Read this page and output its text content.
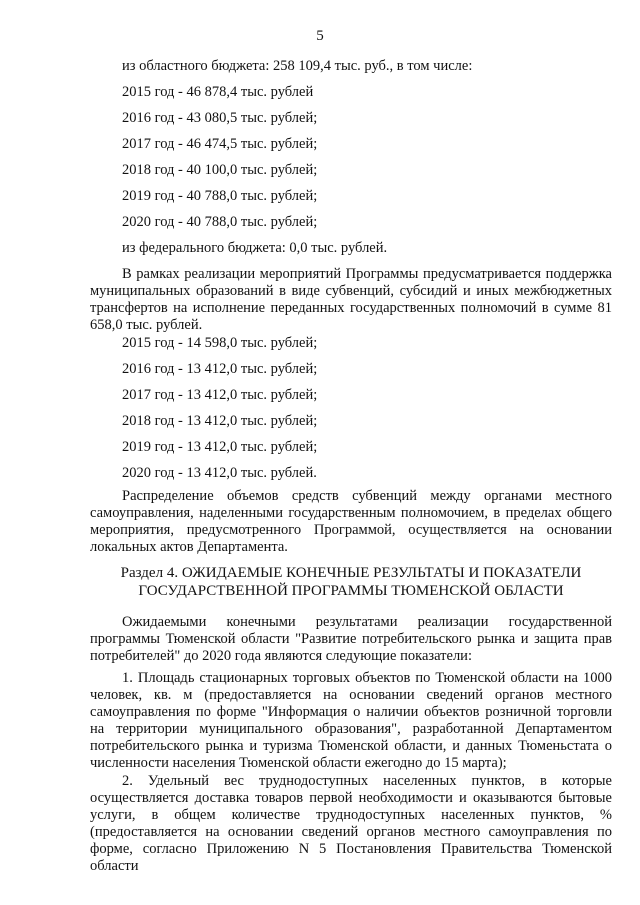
5
из областного бюджета: 258 109,4 тыс. руб., в том числе:
2015 год - 46 878,4 тыс. рублей
2016 год - 43 080,5 тыс. рублей;
2017 год - 46 474,5 тыс. рублей;
2018 год - 40 100,0 тыс. рублей;
2019 год - 40 788,0 тыс. рублей;
2020 год - 40 788,0 тыс. рублей;
из федерального бюджета: 0,0 тыс. рублей.

В рамках реализации мероприятий Программы предусматривается поддержка муниципальных образований в виде субвенций, субсидий и иных межбюджетных трансфертов на исполнение переданных государственных полномочий в сумме 81 658,0 тыс. рублей.

2015 год - 14 598,0 тыс. рублей;
2016 год - 13 412,0 тыс. рублей;
2017 год - 13 412,0 тыс. рублей;
2018 год - 13 412,0 тыс. рублей;
2019 год - 13 412,0 тыс. рублей;
2020 год - 13 412,0 тыс. рублей.

Распределение объемов средств субвенций между органами местного самоуправления, наделенными государственным полномочием, в пределах общего мероприятия, предусмотренного Программой, осуществляется на основании локальных актов Департамента.

Раздел 4. ОЖИДАЕМЫЕ КОНЕЧНЫЕ РЕЗУЛЬТАТЫ И ПОКАЗАТЕЛИ
ГОСУДАРСТВЕННОЙ ПРОГРАММЫ ТЮМЕНСКОЙ ОБЛАСТИ

Ожидаемыми конечными результатами реализации государственной программы Тюменской области "Развитие потребительского рынка и защита прав потребителей" до 2020 года являются следующие показатели:

1. Площадь стационарных торговых объектов по Тюменской области на 1000 человек, кв. м (предоставляется на основании сведений органов местного самоуправления по форме "Информация о наличии объектов розничной торговли на территории муниципального образования", разработанной Департаментом потребительского рынка и туризма Тюменской области, и данных Тюменьстата о численности населения Тюменской области ежегодно до 15 марта);

2. Удельный вес труднодоступных населенных пунктов, в которые осуществляется доставка товаров первой необходимости и оказываются бытовые услуги, в общем количестве труднодоступных населенных пунктов, % (предоставляется на основании сведений органов местного самоуправления по форме, согласно Приложению N 5 Постановления Правительства Тюменской области
